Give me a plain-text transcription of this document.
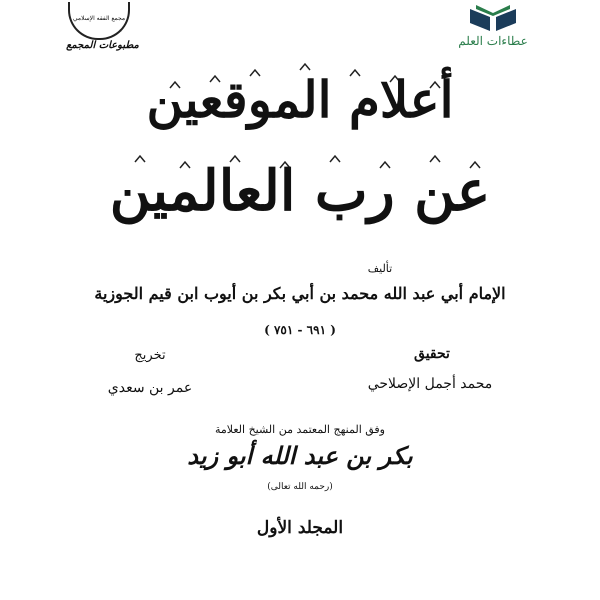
مجمع الفقه الإسلامي
مطبوعات المجمع	عطاءات العلم
أعلام الموقعين
عن رب العالمين
تأليف
الإمام أبي عبد الله محمد بن أبي بكر بن أيوب ابن قيم الجوزية
( ٦٩١ - ٧٥١ )
تحقيق
تخريج
محمد أجمل الإصلاحي
عمر بن سعدي
وفق المنهج المعتمد من الشيخ العلامة
بكر بن عبد الله أبو زيد
(رحمه الله تعالى)
المجلد الأول
